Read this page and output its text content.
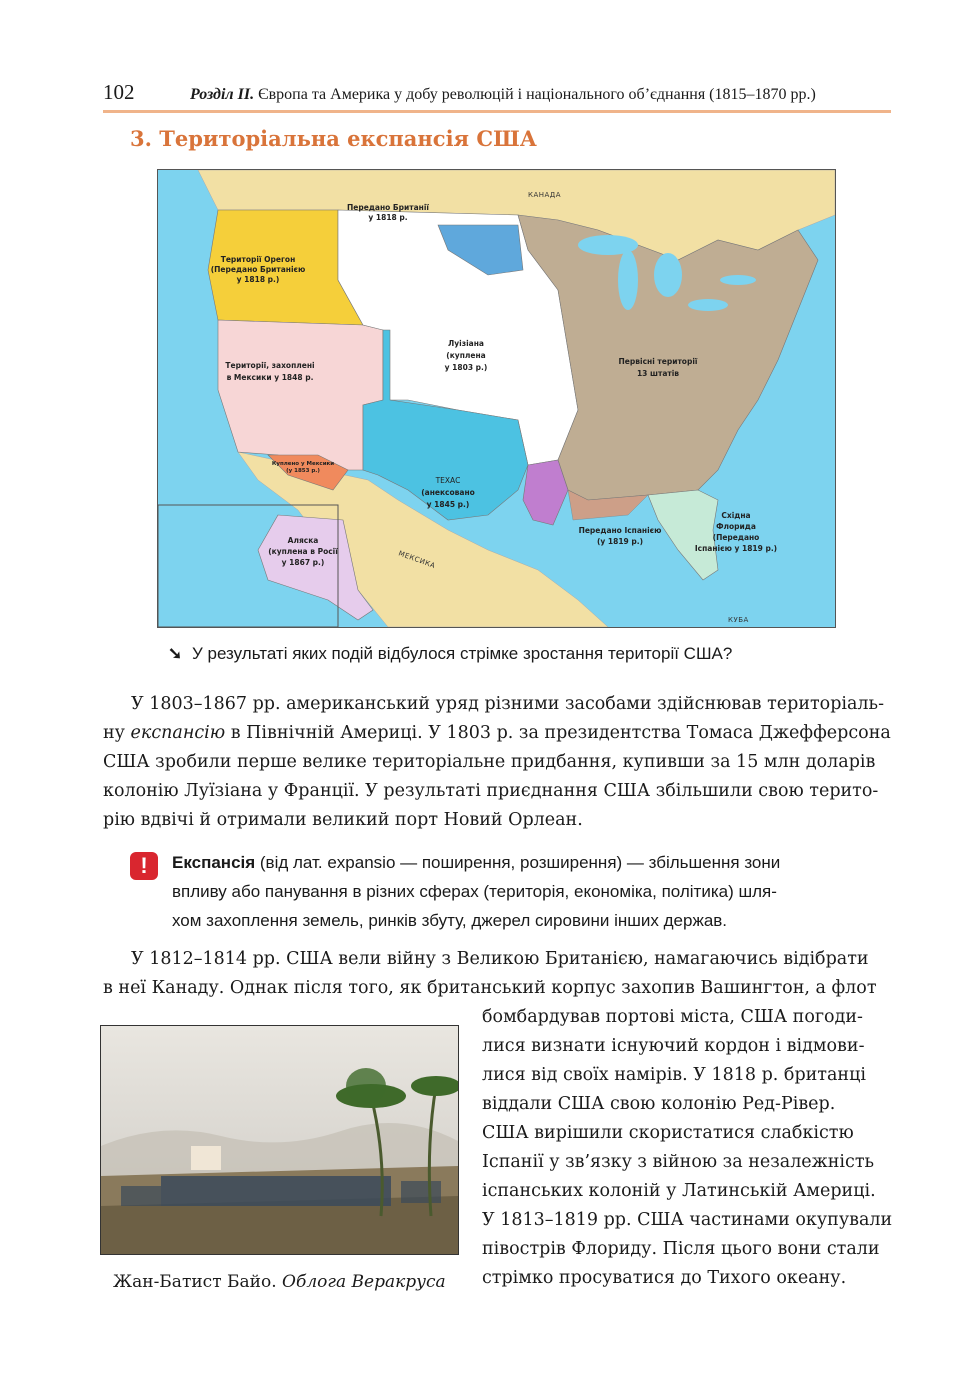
102	Розділ ІІ. Європа та Америка у добу революцій і національного об’єднання (1815–1870 рр.)
3. Територіальна експансія США
КАНАДА
МЕКСИКА
КУБА
Передано Британії
у 1818 р.
Території Орегон
(Передано Британією
у 1818 р.)
Території, захоплені
в Мексики у 1848 р.
Куплено у Мексики
(у 1853 р.)
Луізіана
(куплена
у 1803 р.)
Первісні території
13 штатів
ТЕХАС
(анексовано
у 1845 р.)
Аляска
(куплена в Росії
у 1867 р.)
Передано Іспанією
(у 1819 р.)
Східна
Флорида
(Передано
Іспанією у 1819 р.)
➘ У результаті яких подій відбулося стрімке зростання території США?
У 1803–1867 рр. американський уряд різними засобами здійснював територіаль-
ну експансію в Північній Америці. У 1803 р. за президентства Томаса Джефферсона
США зробили перше велике територіальне придбання, купивши за 15 млн доларів
колонію Луїзіана у Франції. У результаті приєднання США збільшили свою терито-
рію вдвічі й отримали великий порт Новий Орлеан.
!	Експансія (від лат. expansio — поширення, розширення) — збільшення зони
впливу або панування в різних сферах (територія, економіка, політика) шля-
хом захоплення земель, ринків збуту, джерел сировини інших держав.
У 1812–1814 рр. США вели війну з Великою Британією, намагаючись відібрати
в неї Канаду. Однак після того, як британський корпус захопив Вашингтон, а флот
бомбардував портові міста, США погоди-
лися визнати існуючий кордон і відмови-
лися від своїх намірів. У 1818 р. британці
віддали США свою колонію Ред-Рівер.
США вирішили скористатися слабкістю
Іспанії у зв’язку з війною за незалежність
іспанських колоній у Латинській Америці.
У 1813–1819 рр. США частинами окупували
півострів Флориду. Після цього вони стали
стрімко просуватися до Тихого океану.
Жан-Батист Байо. Облога Веракруса
